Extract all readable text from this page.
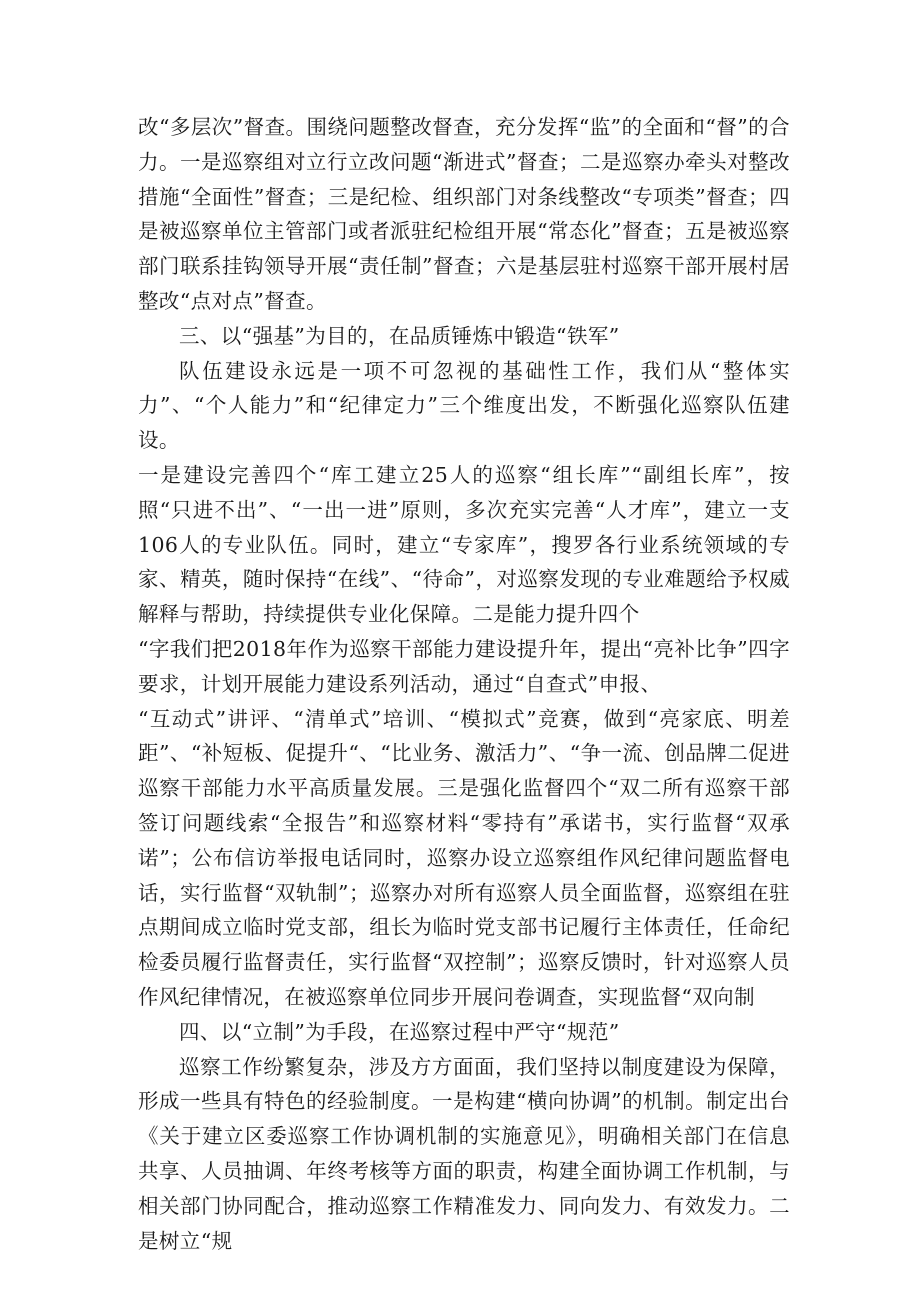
改“多层次”督查。围绕问题整改督查，充分发挥“监”的全面和“督”的合力。一是巡察组对立行立改问题“渐进式”督查；二是巡察办牵头对整改措施“全面性”督查；三是纪检、组织部门对条线整改“专项类”督查；四是被巡察单位主管部门或者派驻纪检组开展“常态化”督查；五是被巡察部门联系挂钩领导开展“责任制”督查；六是基层驻村巡察干部开展村居整改“点对点”督查。

三、以“强基”为目的，在品质锤炼中锻造“铁军”

队伍建设永远是一项不可忽视的基础性工作，我们从“整体实力”、“个人能力”和“纪律定力”三个维度出发，不断强化巡察队伍建设。

一是建设完善四个“库工建立25人的巡察“组长库”“副组长库”，按照“只进不出”、“一出一进”原则，多次充实完善“人才库”，建立一支106人的专业队伍。同时，建立“专家库”，搜罗各行业系统领域的专家、精英，随时保持“在线”、“待命”，对巡察发现的专业难题给予权威解释与帮助，持续提供专业化保障。二是能力提升四个

“字我们把2018年作为巡察干部能力建设提升年，提出“亮补比争”四字要求，计划开展能力建设系列活动，通过“自查式”申报、

“互动式”讲评、“清单式”培训、“模拟式”竞赛，做到“亮家底、明差距”、“补短板、促提升“、“比业务、激活力”、“争一流、创品牌二促进巡察干部能力水平高质量发展。三是强化监督四个“双二所有巡察干部签订问题线索“全报告”和巡察材料“零持有”承诺书，实行监督“双承诺”；公布信访举报电话同时，巡察办设立巡察组作风纪律问题监督电话，实行监督“双轨制”；巡察办对所有巡察人员全面监督，巡察组在驻点期间成立临时党支部，组长为临时党支部书记履行主体责任，任命纪检委员履行监督责任，实行监督“双控制”；巡察反馈时，针对巡察人员作风纪律情况，在被巡察单位同步开展问卷调查，实现监督“双向制

四、以“立制”为手段，在巡察过程中严守“规范”

巡察工作纷繁复杂，涉及方方面面，我们坚持以制度建设为保障，形成一些具有特色的经验制度。一是构建“横向协调”的机制。制定出台《关于建立区委巡察工作协调机制的实施意见》，明确相关部门在信息共享、人员抽调、年终考核等方面的职责，构建全面协调工作机制，与相关部门协同配合，推动巡察工作精准发力、同向发力、有效发力。二是树立“规
